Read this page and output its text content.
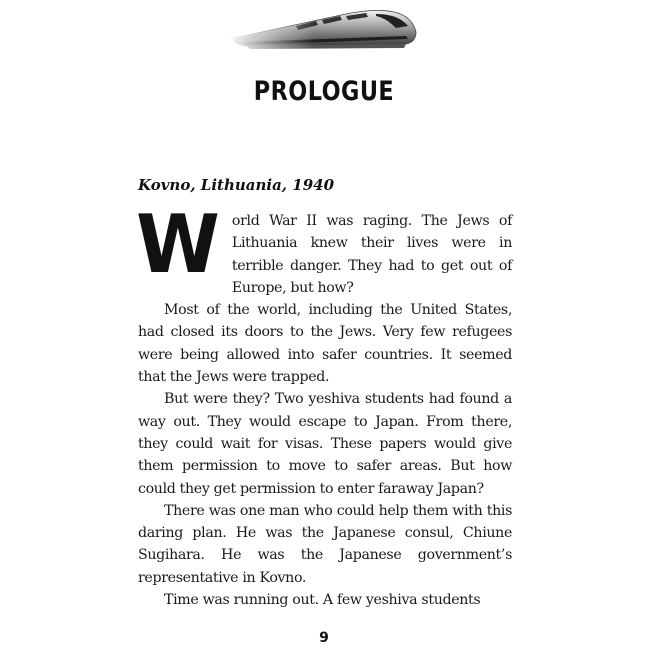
PROLOGUE
Kovno, Lithuania, 1940

World War II was raging. The Jews of Lithuania knew their lives were in terrible danger. They had to get out of Europe, but how?

Most of the world, including the United States, had closed its doors to the Jews. Very few refugees were being allowed into safer countries. It seemed that the Jews were trapped.

But were they? Two yeshiva students had found a way out. They would escape to Japan. From there, they could wait for visas. These papers would give them permission to move to safer areas. But how could they get permission to enter faraway Japan?

There was one man who could help them with this daring plan. He was the Japanese consul, Chiune Sugihara. He was the Japanese government’s representative in Kovno.

Time was running out. A few yeshiva students

9
